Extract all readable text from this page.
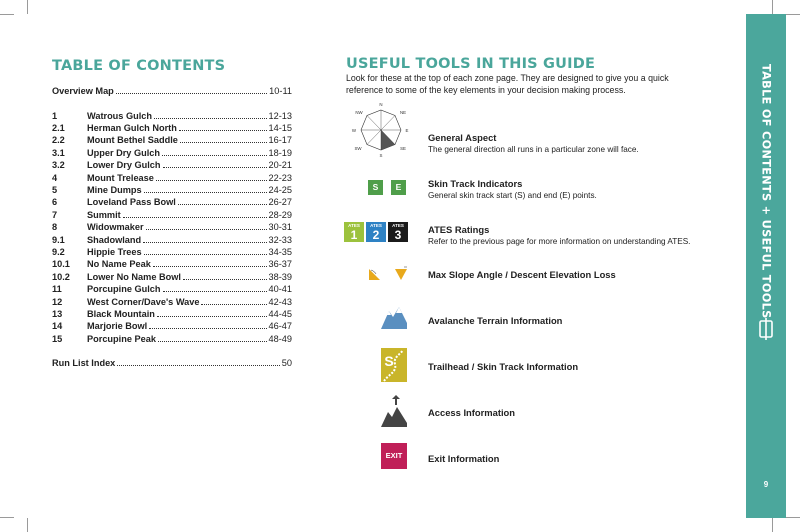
TABLE OF CONTENTS
Overview Map	10-11
1	Watrous Gulch	12-13
2.1	Herman Gulch North	14-15
2.2	Mount Bethel Saddle	16-17
3.1	Upper Dry Gulch	18-19
3.2	Lower Dry Gulch	20-21
4	Mount Trelease	22-23
5	Mine Dumps	24-25
6	Loveland Pass Bowl	26-27
7	Summit	28-29
8	Widowmaker	30-31
9.1	Shadowland	32-33
9.2	Hippie Trees	34-35
10.1	No Name Peak	36-37
10.2	Lower No Name Bowl	38-39
11	Porcupine Gulch	40-41
12	West Corner/Dave's Wave	42-43
13	Black Mountain	44-45
14	Marjorie Bowl	46-47
15	Porcupine Peak	48-49
Run List Index	50
USEFUL TOOLS IN THIS GUIDE

Look for these at the top of each zone page. They are designed to give you a quick reference to some of the key elements in your decision making process.

N
NE
E
SE
S
SW
W
NW
General Aspect
The general direction all runs in a particular zone will face.
S	E	Skin Track Indicators
General skin track start (S) and end (E) points.
ATES
1
ATES
2
ATES
3	ATES Ratings
Refer to the previous page for more information on understanding ATES.
Max Slope Angle / Descent Elevation Loss
Avalanche Terrain Information
S	Trailhead / Skin Track Information
Access Information
EXIT	Exit Information
TABLE OF CONTENTS + USEFUL TOOLS
9
